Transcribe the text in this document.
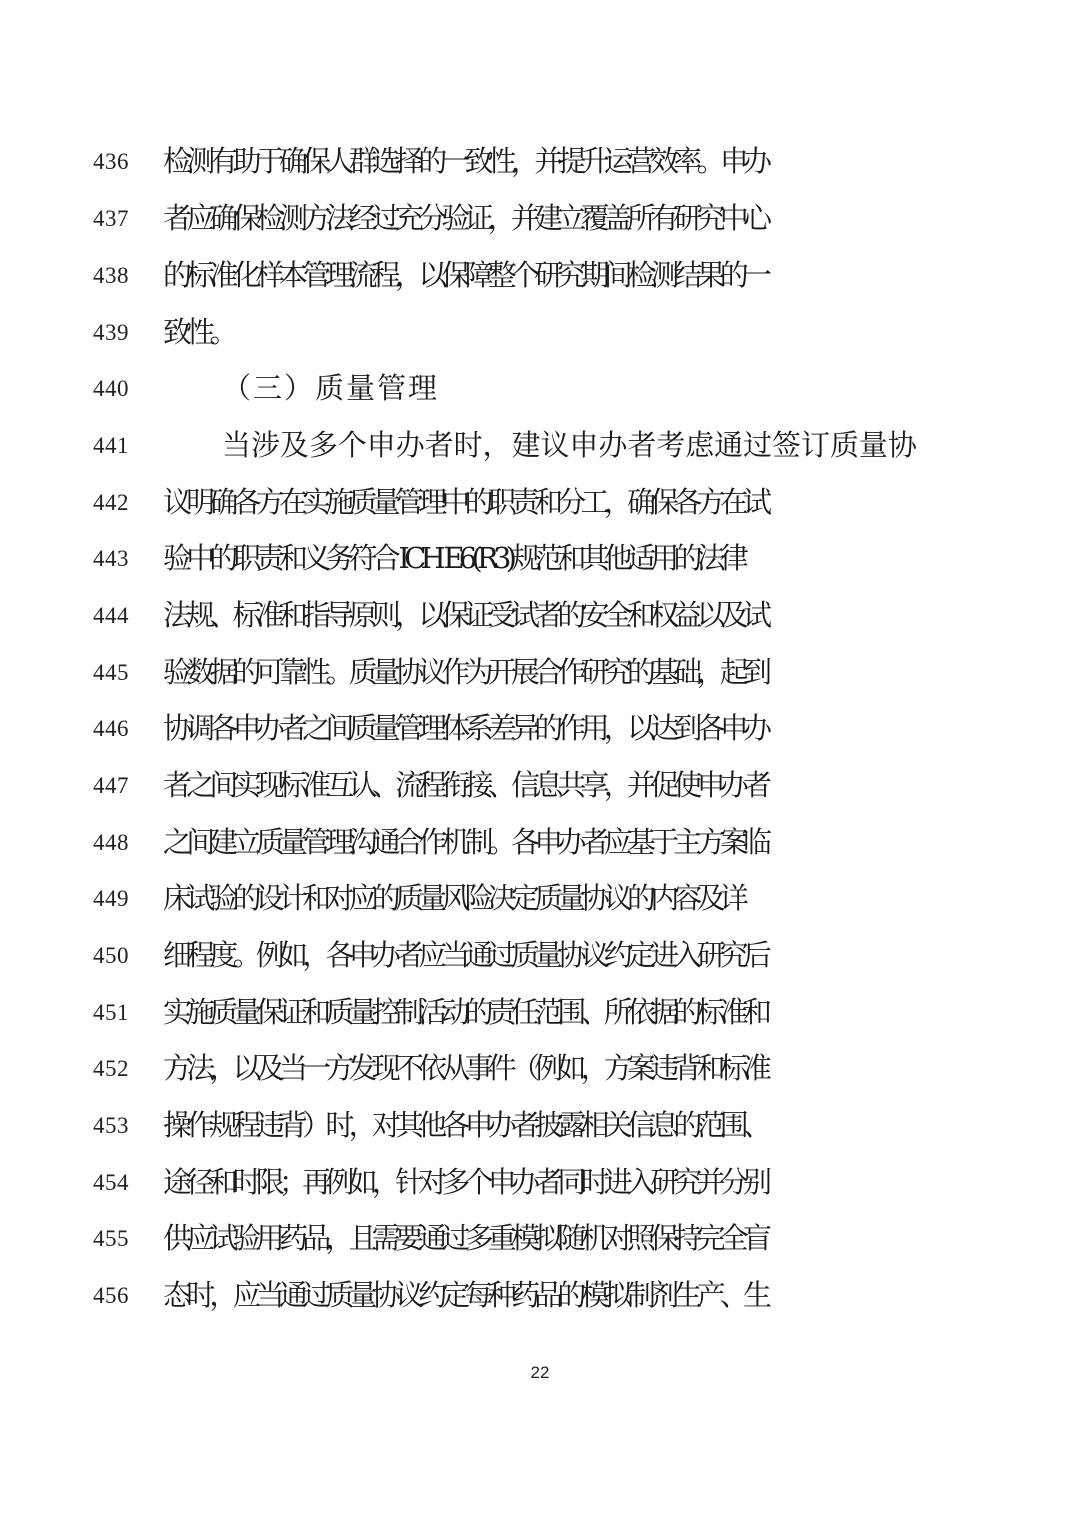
436	检测有助于确保人群选择的一致性，并提升运营效率。申办
437	者应确保检测方法经过充分验证，并建立覆盖所有研究中心
438	的标准化样本管理流程，以保障整个研究期间检测结果的一
439	致性。
440	（三）质量管理
441	当涉及多个申办者时，建议申办者考虑通过签订质量协
442	议明确各方在实施质量管理中的职责和分工，确保各方在试
443	验中的职责和义务符合 ICH E6(R3)规范和其他适用的法律
444	法规、标准和指导原则，以保证受试者的安全和权益以及试
445	验数据的可靠性。质量协议作为开展合作研究的基础，起到
446	协调各申办者之间质量管理体系差异的作用，以达到各申办
447	者之间实现标准互认、流程衔接、信息共享，并促使申办者
448	之间建立质量管理沟通合作机制。各申办者应基于主方案临
449	床试验的设计和对应的质量风险决定质量协议的内容及详
450	细程度。例如，各申办者应当通过质量协议约定进入研究后
451	实施质量保证和质量控制活动的责任范围、所依据的标准和
452	方法，以及当一方发现不依从事件（例如，方案违背和标准
453	操作规程违背）时，对其他各申办者披露相关信息的范围、
454	途径和时限；再例如，针对多个申办者同时进入研究并分别
455	供应试验用药品，且需要通过多重模拟随机对照保持完全盲
456	态时，应当通过质量协议约定每种药品的模拟制剂生产、生
22
